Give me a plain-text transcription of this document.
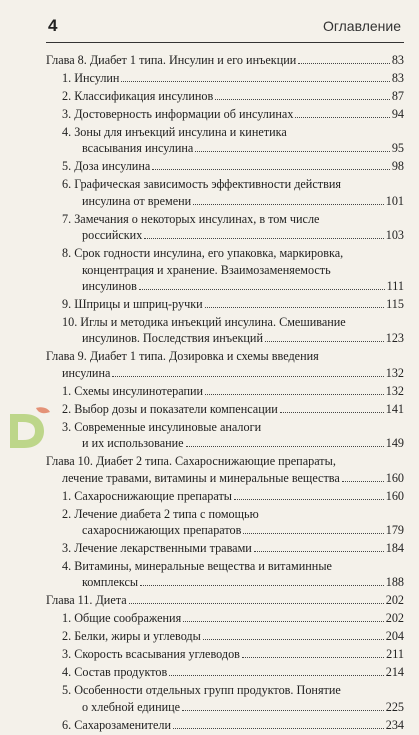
4	Оглавление
Глава 8. Диабет 1 типа. Инсулин и его инъекции	83
1. Инсулин	83
2. Классификация инсулинов	87
3. Достоверность информации об инсулинах	94
4. Зоны для инъекций инсулина и кинетика
всасывания инсулина	95
5. Доза инсулина	98
6. Графическая зависимость эффективности действия
инсулина от времени	101
7. Замечания о некоторых инсулинах, в том числе
российских	103
8. Срок годности инсулина, его упаковка, маркировка,
концентрация и хранение. Взаимозаменяемость
инсулинов	111
9. Шприцы и шприц-ручки	115
10. Иглы и методика инъекций инсулина. Смешивание
инсулинов. Последствия инъекций	123
Глава 9. Диабет 1 типа. Дозировка и схемы введения
инсулина	132
1. Схемы инсулинотерапии	132
2. Выбор дозы и показатели компенсации	141
3. Современные инсулиновые аналоги
и их использование	149
Глава 10. Диабет 2 типа. Сахароснижающие препараты,
лечение травами, витамины и минеральные вещества	160
1. Сахароснижающие препараты	160
2. Лечение диабета 2 типа с помощью
сахароснижающих препаратов	179
3. Лечение лекарственными травами	184
4. Витамины, минеральные вещества и витаминные
комплексы	188
Глава 11. Диета	202
1. Общие соображения	202
2. Белки, жиры и углеводы	204
3. Скорость всасывания углеводов	211
4. Состав продуктов	214
5. Особенности отдельных групп продуктов. Понятие
о хлебной единице	225
6. Сахарозаменители	234
